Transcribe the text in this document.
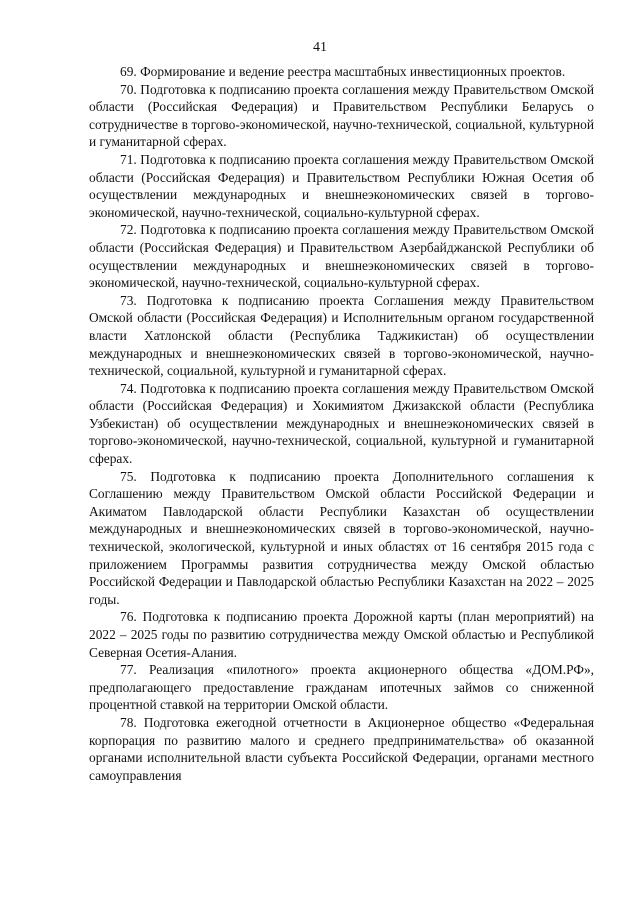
41

69. Формирование и ведение реестра масштабных инвестиционных проектов.

70. Подготовка к подписанию проекта соглашения между Правительством Омской области (Российская Федерация) и Правительством Республики Беларусь о сотрудничестве в торгово-экономической, научно-технической, социальной, культурной и гуманитарной сферах.

71. Подготовка к подписанию проекта соглашения между Правительством Омской области (Российская Федерация) и Правительством Республики Южная Осетия об осуществлении международных и внешнеэкономических связей в торгово-экономической, научно-технической, социально-культурной сферах.

72. Подготовка к подписанию проекта соглашения между Правительством Омской области (Российская Федерация) и Правительством Азербайджанской Республики об осуществлении международных и внешнеэкономических связей в торгово-экономической, научно-технической, социально-культурной сферах.

73. Подготовка к подписанию проекта Соглашения между Правительством Омской области (Российская Федерация) и Исполнительным органом государственной власти Хатлонской области (Республика Таджикистан) об осуществлении международных и внешнеэкономических связей в торгово-экономической, научно-технической, социальной, культурной и гуманитарной сферах.

74. Подготовка к подписанию проекта соглашения между Правительством Омской области (Российская Федерация) и Хокимиятом Джизакской области (Республика Узбекистан) об осуществлении международных и внешнеэкономических связей в торгово-экономической, научно-технической, социальной, культурной и гуманитарной сферах.

75. Подготовка к подписанию проекта Дополнительного соглашения к Соглашению между Правительством Омской области Российской Федерации и Акиматом Павлодарской области Республики Казахстан об осуществлении международных и внешнеэкономических связей в торгово-экономической, научно-технической, экологической, культурной и иных областях от 16 сентября 2015 года с приложением Программы развития сотрудничества между Омской областью Российской Федерации и Павлодарской областью Республики Казахстан на 2022 – 2025 годы.

76. Подготовка к подписанию проекта Дорожной карты (план мероприятий) на 2022 – 2025 годы по развитию сотрудничества между Омской областью и Республикой Северная Осетия-Алания.

77. Реализация «пилотного» проекта акционерного общества «ДОМ.РФ», предполагающего предоставление гражданам ипотечных займов со сниженной процентной ставкой на территории Омской области.

78. Подготовка ежегодной отчетности в Акционерное общество «Федеральная корпорация по развитию малого и среднего предпринимательства» об оказанной органами исполнительной власти субъекта Российской Федерации, органами местного самоуправления
